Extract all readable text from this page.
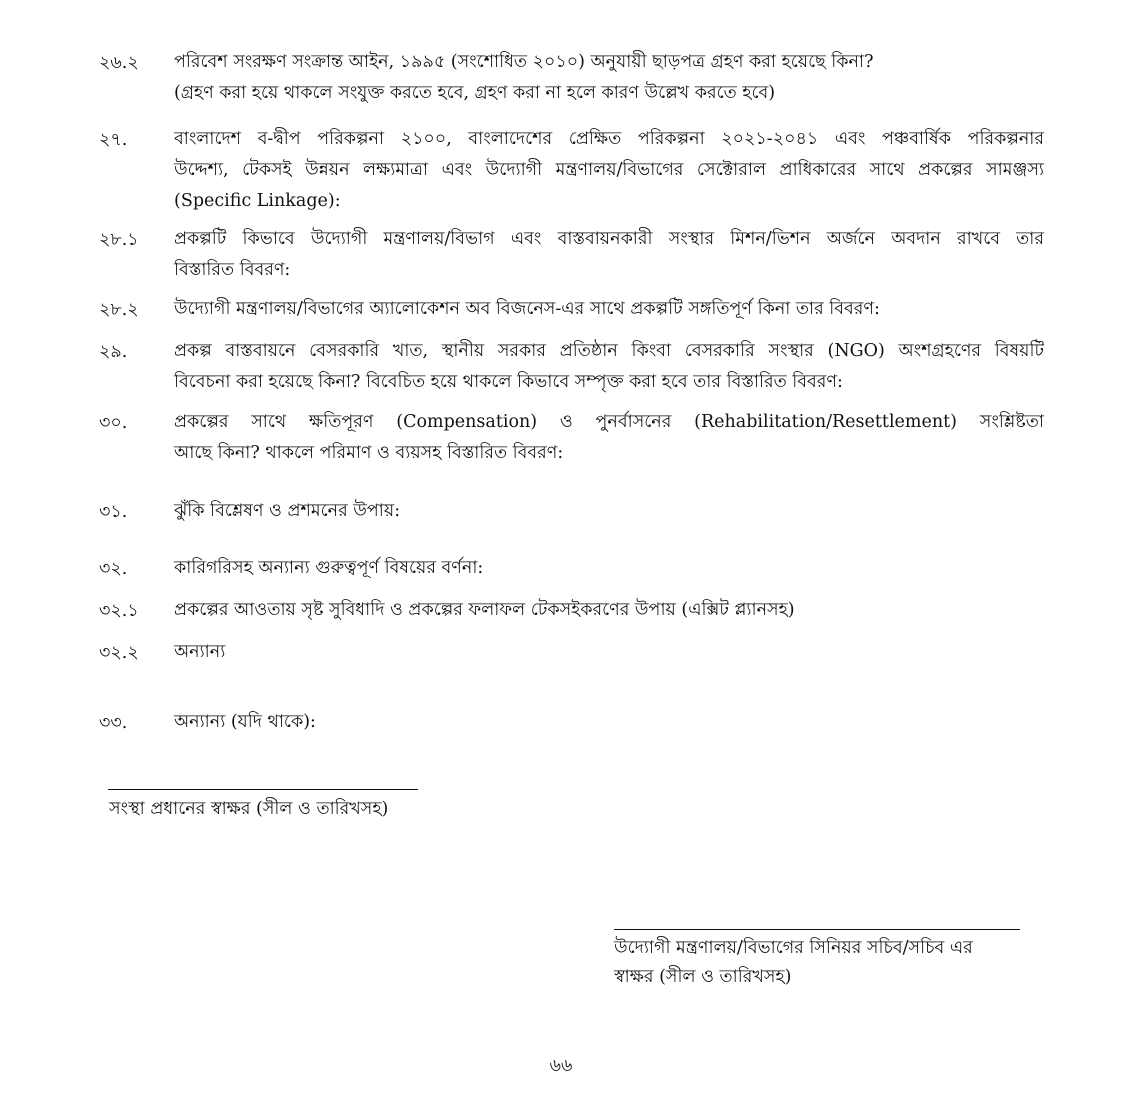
২৬.২ পরিবেশ সংরক্ষণ সংক্রান্ত আইন, ১৯৯৫ (সংশোধিত ২০১০) অনুযায়ী ছাড়পত্র গ্রহণ করা হয়েছে কিনা?
(গ্রহণ করা হয়ে থাকলে সংযুক্ত করতে হবে, গ্রহণ করা না হলে কারণ উল্লেখ করতে হবে)
২৭.	বাংলাদেশ ব-দ্বীপ পরিকল্পনা ২১০০, বাংলাদেশের প্রেক্ষিত পরিকল্পনা ২০২১-২০৪১ এবং পঞ্চবার্ষিক পরিকল্পনার
উদ্দেশ্য, টেকসই উন্নয়ন লক্ষ্যমাত্রা এবং উদ্যোগী মন্ত্রণালয়/বিভাগের সেক্টোরাল প্রাধিকারের সাথে প্রকল্পের সামঞ্জস্য
(Specific Linkage):
২৮.১ প্রকল্পটি কিভাবে উদ্যোগী মন্ত্রণালয়/বিভাগ এবং বাস্তবায়নকারী সংস্থার মিশন/ভিশন অর্জনে অবদান রাখবে তার
বিস্তারিত বিবরণ:
২৮.২ উদ্যোগী মন্ত্রণালয়/বিভাগের অ্যালোকেশন অব বিজনেস-এর সাথে প্রকল্পটি সঙ্গতিপূর্ণ কিনা তার বিবরণ:
২৯.	প্রকল্প বাস্তবায়নে বেসরকারি খাত, স্থানীয় সরকার প্রতিষ্ঠান কিংবা বেসরকারি সংস্থার (NGO) অংশগ্রহণের বিষয়টি
বিবেচনা করা হয়েছে কিনা? বিবেচিত হয়ে থাকলে কিভাবে সম্পৃক্ত করা হবে তার বিস্তারিত বিবরণ:
৩০.	প্রকল্পের সাথে ক্ষতিপূরণ (Compensation) ও পুনর্বাসনের (Rehabilitation/Resettlement) সংশ্লিষ্টতা
আছে কিনা? থাকলে পরিমাণ ও ব্যয়সহ বিস্তারিত বিবরণ:
৩১.	ঝুঁকি বিশ্লেষণ ও প্রশমনের উপায়:
৩২.	কারিগরিসহ অন্যান্য গুরুত্বপূর্ণ বিষয়ের বর্ণনা:
৩২.১ প্রকল্পের আওতায় সৃষ্ট সুবিধাদি ও প্রকল্পের ফলাফল টেকসইকরণের উপায় (এক্সিট প্ল্যানসহ)
৩২.২ অন্যান্য
৩৩.	অন্যান্য (যদি থাকে):
সংস্থা প্রধানের স্বাক্ষর (সীল ও তারিখসহ)
উদ্যোগী মন্ত্রণালয়/বিভাগের সিনিয়র সচিব/সচিব এর
স্বাক্ষর (সীল ও তারিখসহ)
৬৬
